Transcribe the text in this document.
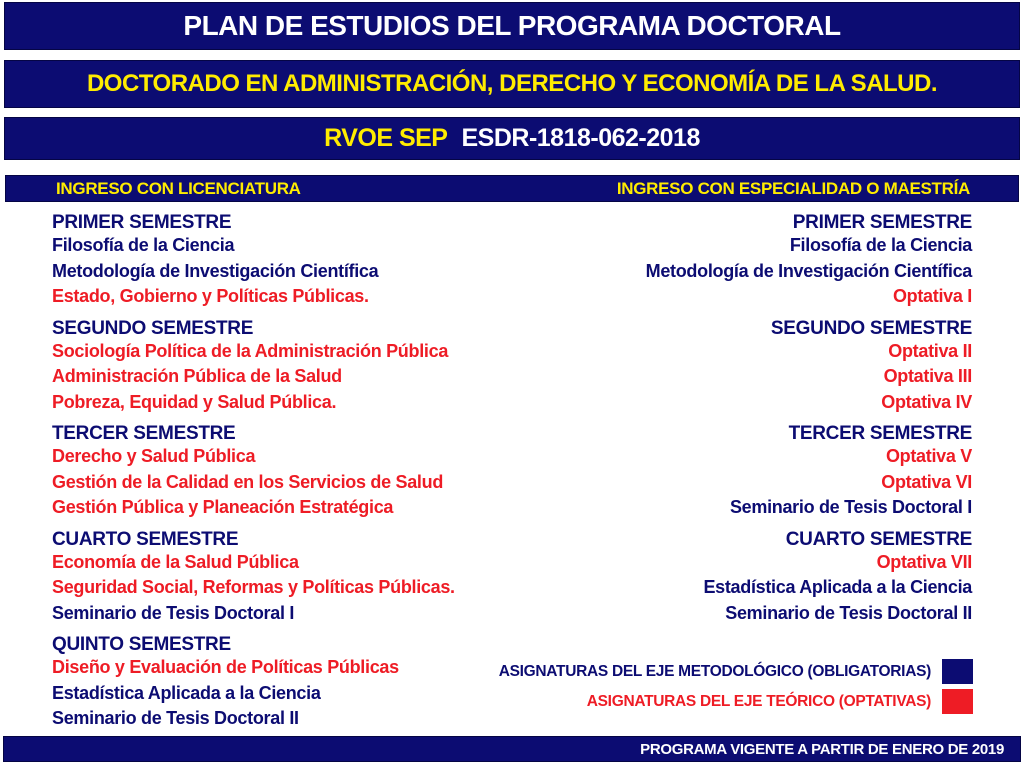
PLAN DE ESTUDIOS DEL PROGRAMA DOCTORAL
DOCTORADO EN ADMINISTRACIÓN, DERECHO Y ECONOMÍA DE LA SALUD.
RVOE SEP ESDR-1818-062-2018
INGRESO CON LICENCIATURA	INGRESO CON ESPECIALIDAD O MAESTRÍA
PRIMER SEMESTRE
Filosofía de la Ciencia
Metodología de Investigación Científica
Estado, Gobierno y Políticas Públicas.
SEGUNDO SEMESTRE
Sociología Política de la Administración Pública
Administración Pública de la Salud
Pobreza, Equidad y Salud Pública.
TERCER SEMESTRE
Derecho y Salud Pública
Gestión de la Calidad en los Servicios de Salud
Gestión Pública y Planeación Estratégica
CUARTO SEMESTRE
Economía de la Salud Pública
Seguridad Social, Reformas y Políticas Públicas.
Seminario de Tesis Doctoral I
QUINTO SEMESTRE
Diseño y Evaluación de Políticas Públicas
Estadística Aplicada a la Ciencia
Seminario de Tesis Doctoral II
PRIMER SEMESTRE
Filosofía de la Ciencia
Metodología de Investigación Científica
Optativa I
SEGUNDO SEMESTRE
Optativa II
Optativa III
Optativa IV
TERCER SEMESTRE
Optativa V
Optativa VI
Seminario de Tesis Doctoral I
CUARTO SEMESTRE
Optativa VII
Estadística Aplicada a la Ciencia
Seminario de Tesis Doctoral II
ASIGNATURAS DEL EJE METODOLÓGICO (OBLIGATORIAS)
ASIGNATURAS DEL EJE TEÓRICO (OPTATIVAS)
PROGRAMA VIGENTE A PARTIR DE ENERO DE 2019
